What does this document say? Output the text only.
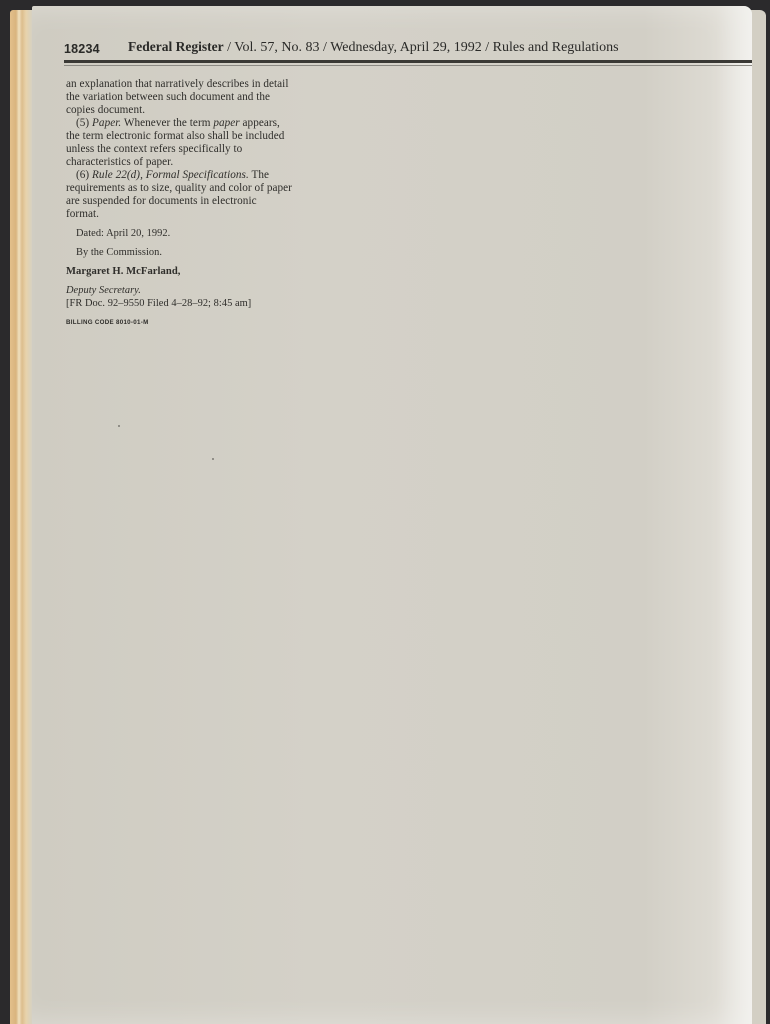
18234 Federal Register / Vol. 57, No. 83 / Wednesday, April 29, 1992 / Rules and Regulations

an explanation that narratively describes in detail the variation between such document and the copies document.

(5) Paper. Whenever the term paper appears, the term electronic format also shall be included unless the context refers specifically to characteristics of paper.

(6) Rule 22(d), Formal Specifications. The requirements as to size, quality and color of paper are suspended for documents in electronic format.

Dated: April 20, 1992.

By the Commission.

Margaret H. McFarland,

Deputy Secretary.

[FR Doc. 92–9550 Filed 4–28–92; 8:45 am]

BILLING CODE 8010-01-M
